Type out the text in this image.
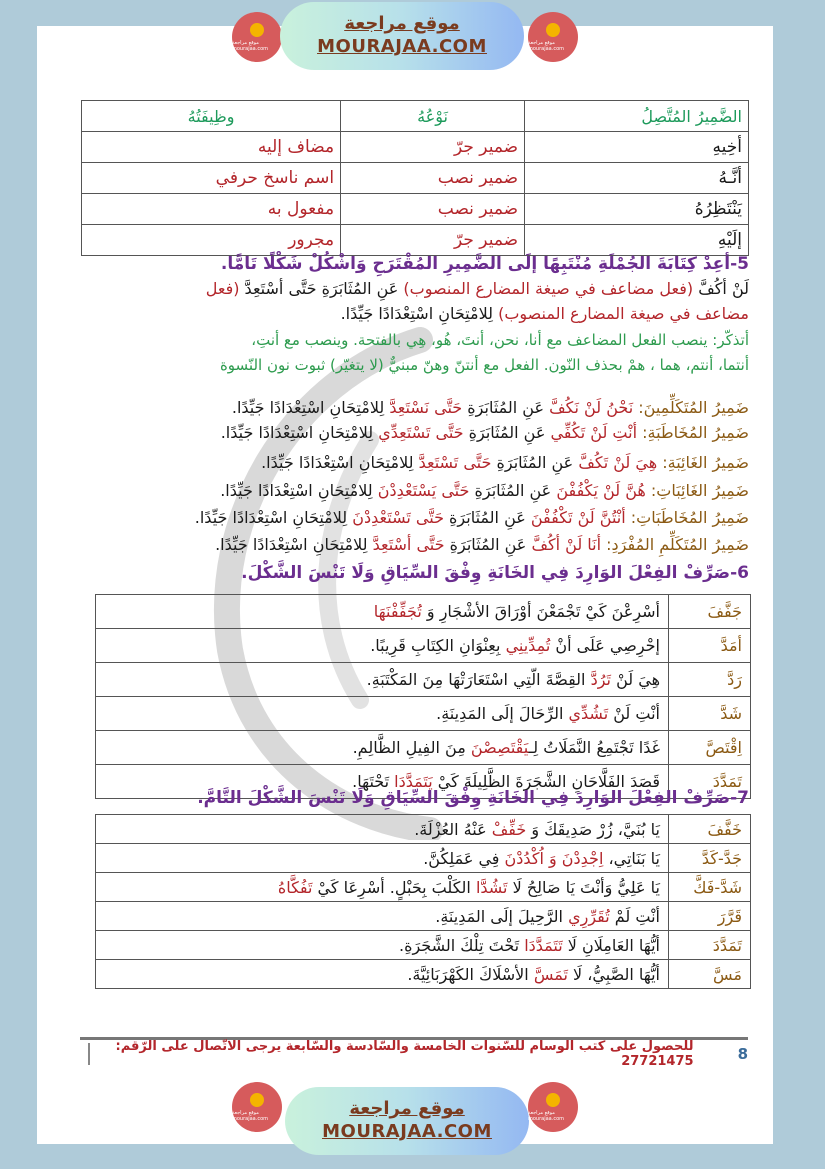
موقع مراجعة mourajaa.com
موقع مراجعة
MOURAJAA.COM	موقع مراجعة mourajaa.com
الضَّمِيرُ المُتَّصِلُ	نَوْعُهُ	وظِيفَتُهُ
أخِيهِ	ضمير جرّ	مضاف إليه
أنَّـهُ	ضمير نصب	اسم ناسخ حرفي
يَنْتَظِرُهُ	ضمير نصب	مفعول به
إلَيْهِ	ضمير جرّ	مجرور
5-أعِدْ كِتَابَةَ الجُمْلَةِ مُنْتَبِهًا إلَى الضَّمِيرِ المُقْتَرَحِ وَاشْكُلْ شَكْلًا تَامًّا.
لَنْ أكُفَّ (فعل مضاعف في صيغة المضارع المنصوب) عَنِ المُثَابَرَةِ حَتَّى أسْتَعِدَّ (فعل
مضاعف في صيغة المضارع المنصوب) لِلامْتِحَانِ اسْتِعْدَادًا جَيِّدًا.
أتذكّر: ينصب الفعل المضاعف مع أنا، نحن، أنتَ، هُو، هِي بالفتحة. وينصب مع أنتِ،
أنتما، أنتم، هما ، همْ بحذف النّون. الفعل مع أنتنّ وهنّ مبنيٌّ (لا يتغيّر) ثبوت نون النّسوة
ضَمِيرُ المُتَكَلِّمِينَ: نَحْنُ لَنْ نَكُفَّ عَنِ المُثَابَرَةِ حَتَّى نَسْتَعِدَّ لِلامْتِحَانِ اسْتِعْدَادًا جَيِّدًا.
ضَمِيرُ المُخَاطَبَةِ: أنْتِ لَنْ تَكُفِّي عَنِ المُثَابَرَةِ حَتَّى تَسْتَعِدِّي لِلامْتِحَانِ اسْتِعْدَادًا جَيِّدًا.
ضَمِيرُ الغَائِبَةِ: هِيَ لَنْ تَكُفَّ عَنِ المُثَابَرَةِ حَتَّى تَسْتَعِدَّ لِلامْتِحَانِ اسْتِعْدَادًا جَيِّدًا.
ضَمِيرُ الغَائِبَاتِ: هُنَّ لَنْ يَكْفُفْنَ عَنِ المُثَابَرَةِ حَتَّى يَسْتَعْدِدْنَ لِلامْتِحَانِ اسْتِعْدَادًا جَيِّدًا.
ضَمِيرُ المُخَاطَبَاتِ: أنْتُنَّ لَنْ تَكْفُفْنَ عَنِ المُثَابَرَةِ حَتَّى تَسْتَعْدِدْنَ لِلامْتِحَانِ اسْتِعْدَادًا جَيِّدًا.
ضَمِيرُ المُتَكَلِّمِ المُفْرَدِ: أنَا لَنْ أكُفَّ عَنِ المُثَابَرَةِ حَتَّى أسْتَعِدَّ لِلامْتِحَانِ اسْتِعْدَادًا جَيِّدًا.
6-صَرِّفْ الفِعْلَ الوَارِدَ فِي الخَانَةِ وِفْقَ السِّيَاقِ وَلَا تَنْسَ الشَّكْلَ.
جَفَّفَ	أسْرِعْنَ كَيْ تَجْمَعْنَ أوْرَاقَ الأشْجَارِ وَ تُجَفِّفْنَهَا
أمَدَّ	إحْرِصِي عَلَى أنْ تُمِدِّينِي بِعِنْوَانِ الكِتَابِ قَرِيبًا.
رَدَّ	هِيَ لَنْ تَرُدَّ القِصَّةَ الّتِي اسْتَعَارَتْهَا مِنَ المَكْتَبَةِ.
شَدَّ	أنْتِ لَنْ تَشُدِّي الرِّحَالَ إلَى المَدِينَةِ.
اِقْتَصَّ	غَدًا تَجْتَمِعُ النَّمَلَاتُ لِـيَقْتَصِصْنَ مِنَ الفِيلِ الظَّالِمِ.
تَمَدَّدَ	قَصَدَ الفَلَّاحَانِ الشَّجَرَةَ الظَّلِيلَةَ كَيْ يَتَمَدَّدَا تَحْتَهَا.
7-صَرِّفْ الفِعْلَ الوَارِدَ فِي الخَانَةِ وِفْقَ السِّيَاقِ وَلَا تَنْسَ الشَّكْلَ التَّامَّ.
خَفَّفَ	يَا بُنَيَّ، زُرْ صَدِيقَكَ وَ خَفِّفْ عَنْهُ العُزْلَةَ.
جَدَّ-كَدَّ	يَا بَنَاتِي، اِجْدِدْنَ وَ اُكْدُدْنَ فِي عَمَلِكُنَّ.
شَدَّ-فَكَّ	يَا عَلِيُّ وَأنْتَ يَا صَالِحُ لَا تَشُدَّا الكَلْبَ بِحَبْلٍ. أسْرِعَا كَيْ تَفُكَّاهُ
قَرَّرَ	أنْتِ لَمْ تُقَرِّرِي الرَّحِيلَ إلَى المَدِينَةِ.
تَمَدَّدَ	أيُّهَا العَامِلَانِ لَا تَتَمَدَّدَا تَحْتَ تِلْكَ الشَّجَرَةِ.
مَسَّ	أيُّهَا الصَّبِيُّ، لَا تَمَسَّ الأسْلَاكَ الكَهْرَبَائِيَّةَ.
8
للحصول على كتب الوسام للسّنوات الخامسة والسّادسة والسّابعة يرجى الاتّصال على الرّقم: 27721475
موقع مراجعة mourajaa.com	موقع مراجعة
MOURAJAA.COM
موقع مراجعة mourajaa.com
